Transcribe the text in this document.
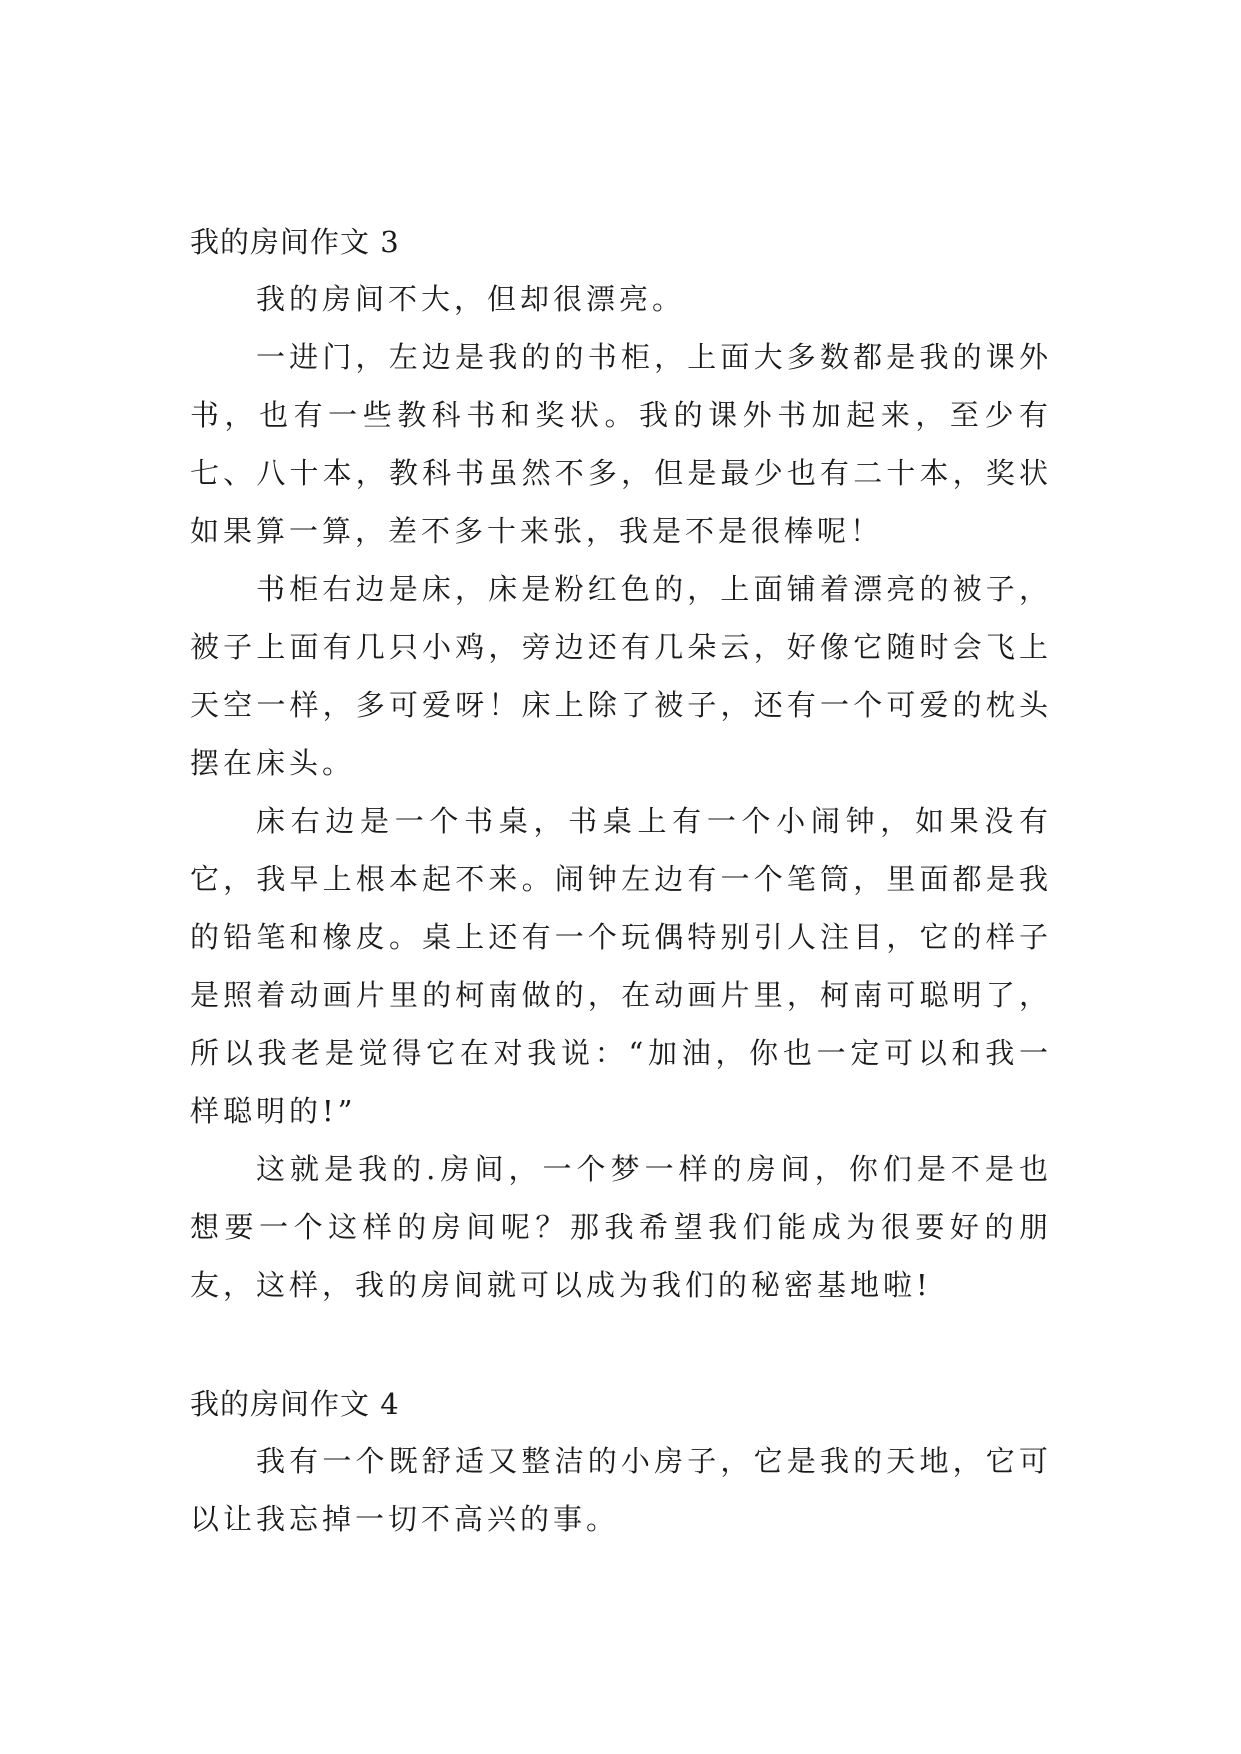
我的房间作文 3

我的房间不大，但却很漂亮。

一进门，左边是我的的书柜，上面大多数都是我的课外书，也有一些教科书和奖状。我的课外书加起来，至少有七、八十本，教科书虽然不多，但是最少也有二十本，奖状如果算一算，差不多十来张，我是不是很棒呢！

书柜右边是床，床是粉红色的，上面铺着漂亮的被子，被子上面有几只小鸡，旁边还有几朵云，好像它随时会飞上天空一样，多可爱呀！床上除了被子，还有一个可爱的枕头摆在床头。

床右边是一个书桌，书桌上有一个小闹钟，如果没有它，我早上根本起不来。闹钟左边有一个笔筒，里面都是我的铅笔和橡皮。桌上还有一个玩偶特别引人注目，它的样子是照着动画片里的柯南做的，在动画片里，柯南可聪明了，所以我老是觉得它在对我说：“加油，你也一定可以和我一样聪明的!”

这就是我的.房间，一个梦一样的房间，你们是不是也想要一个这样的房间呢？那我希望我们能成为很要好的朋友，这样，我的房间就可以成为我们的秘密基地啦!

我的房间作文 4

我有一个既舒适又整洁的小房子，它是我的天地，它可以让我忘掉一切不高兴的事。
